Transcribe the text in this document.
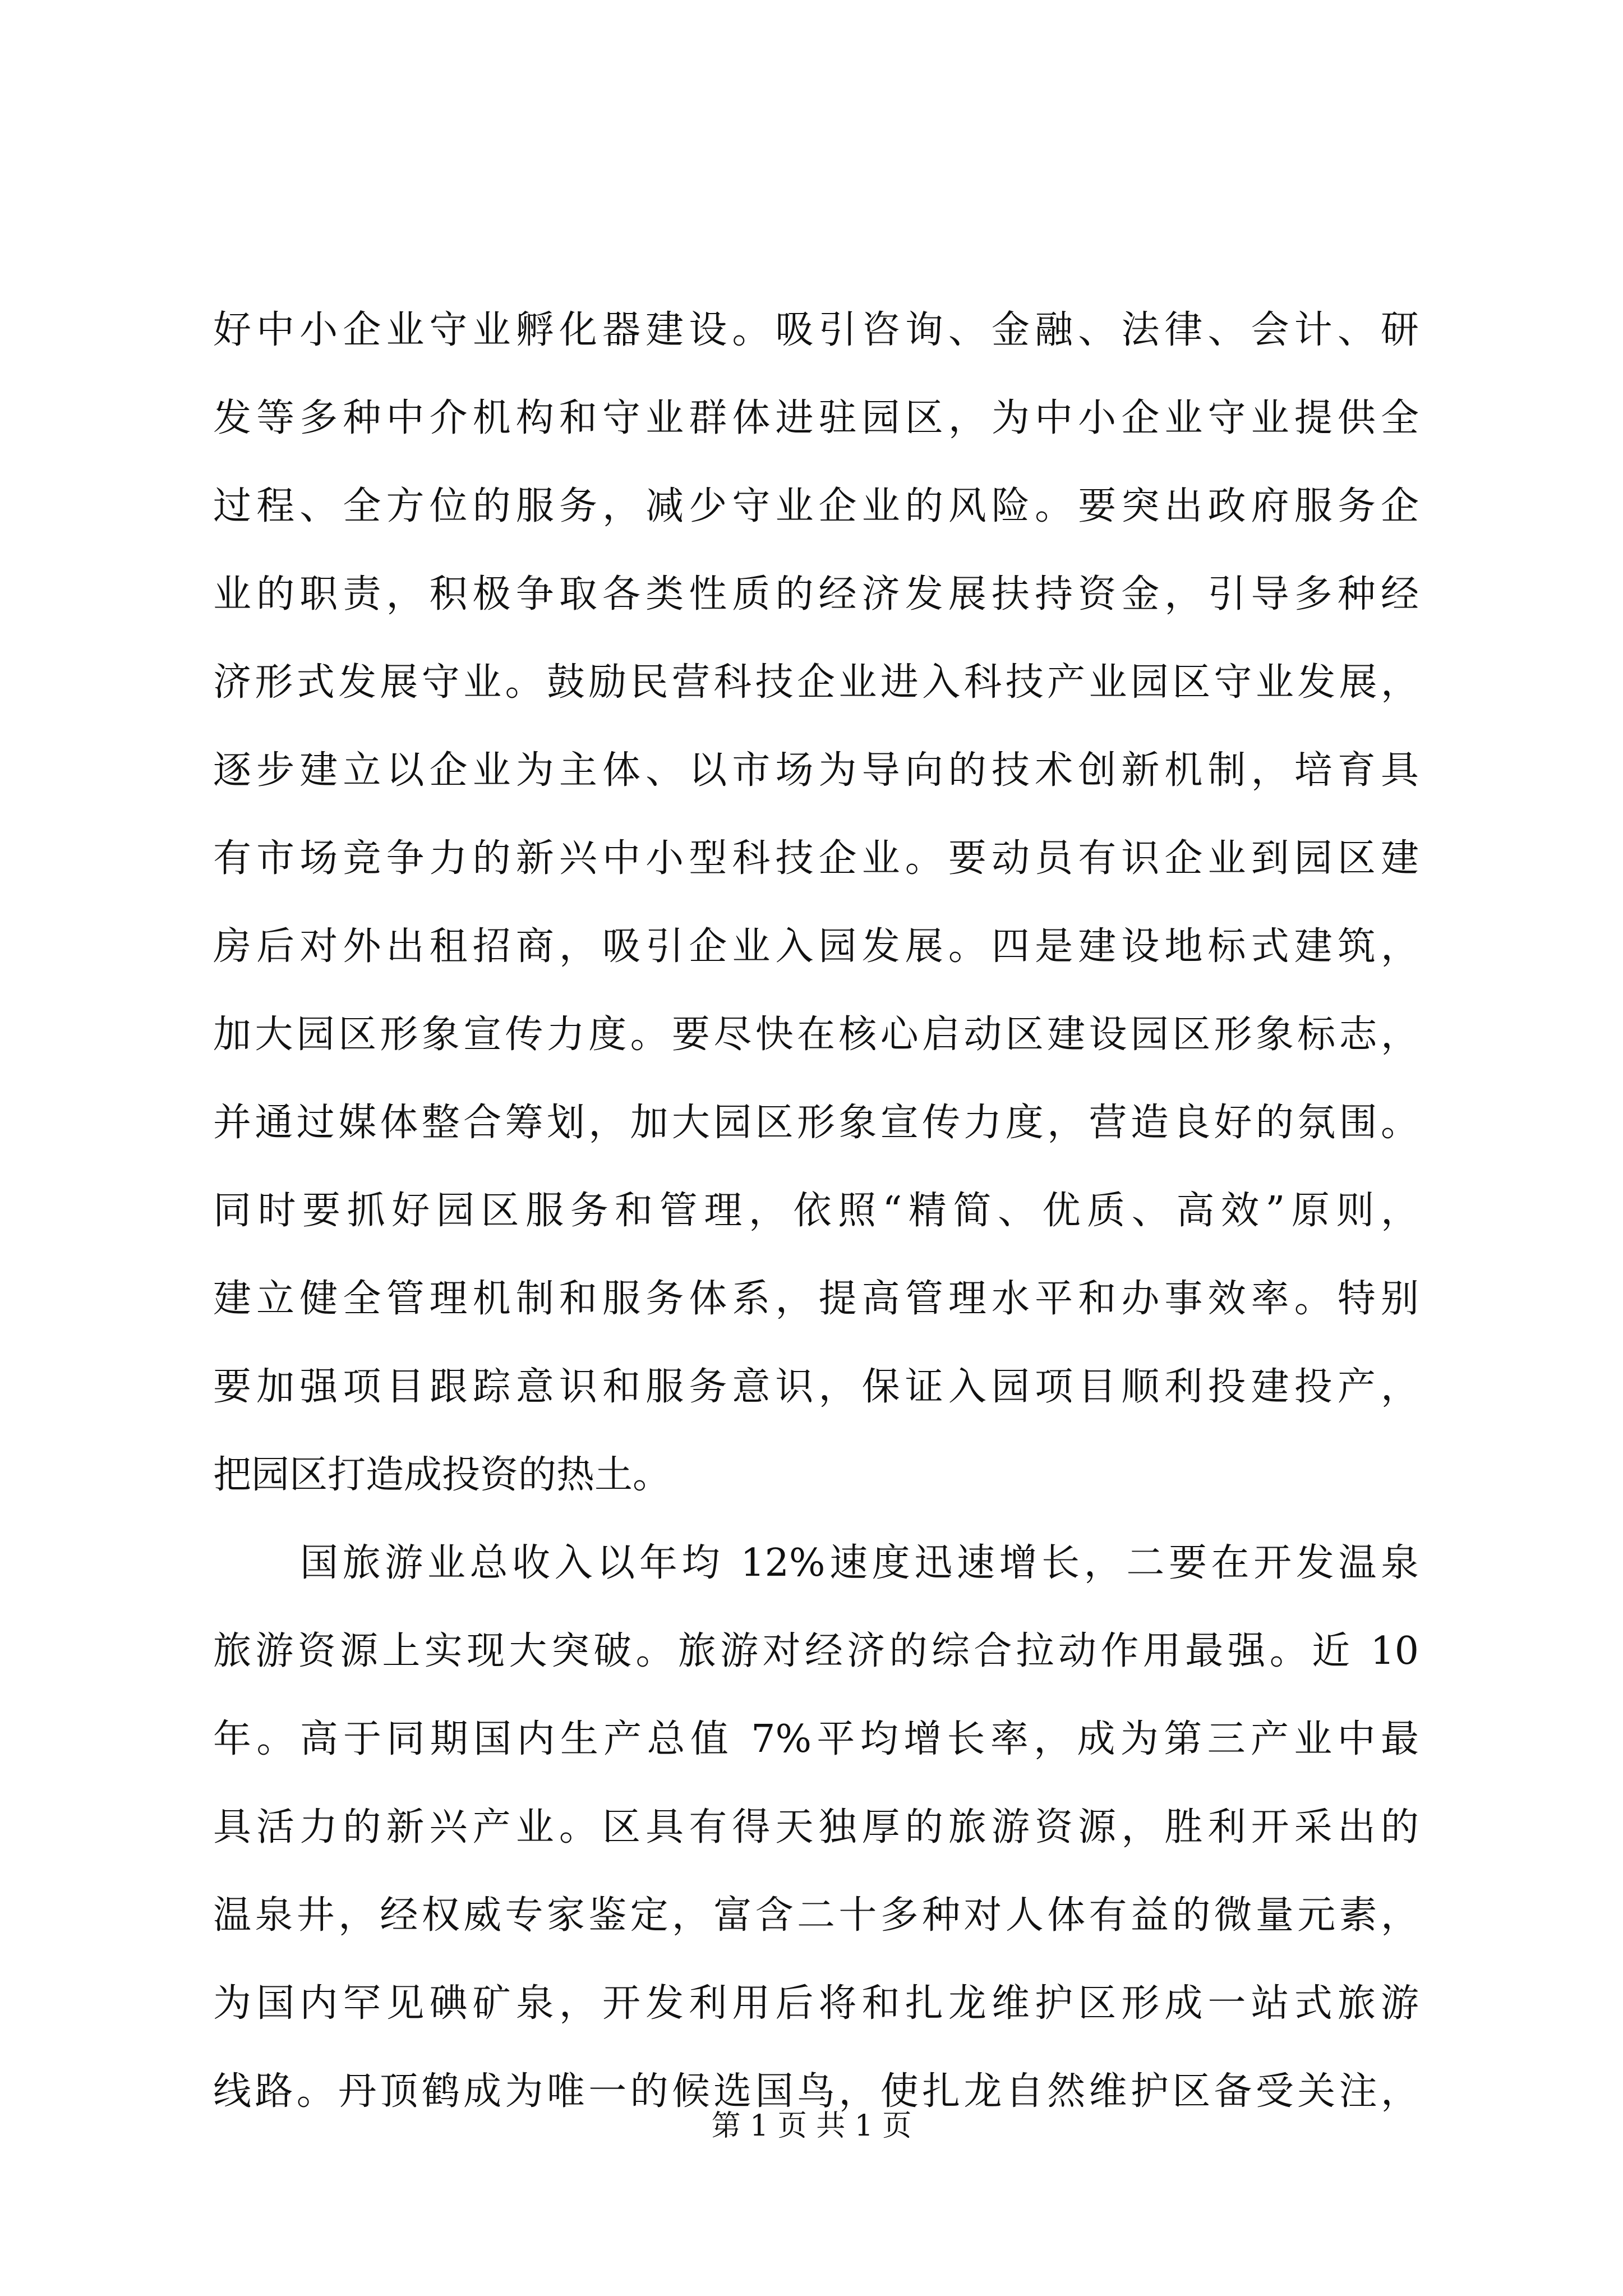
好中小企业守业孵化器建设。吸引咨询、金融、法律、会计、研
发等多种中介机构和守业群体进驻园区，为中小企业守业提供全
过程、全方位的服务，减少守业企业的风险。要突出政府服务企
业的职责，积极争取各类性质的经济发展扶持资金，引导多种经
济形式发展守业。鼓励民营科技企业进入科技产业园区守业发展，
逐步建立以企业为主体、以市场为导向的技术创新机制，培育具
有市场竞争力的新兴中小型科技企业。要动员有识企业到园区建
房后对外出租招商，吸引企业入园发展。四是建设地标式建筑，
加大园区形象宣传力度。要尽快在核心启动区建设园区形象标志，
并通过媒体整合筹划，加大园区形象宣传力度，营造良好的氛围。
同时要抓好园区服务和管理，依照“精简、优质、高效”原则，
建立健全管理机制和服务体系，提高管理水平和办事效率。特别
要加强项目跟踪意识和服务意识，保证入园项目顺利投建投产，
把园区打造成投资的热土。
国旅游业总收入以年均 12%速度迅速增长，二要在开发温泉
旅游资源上实现大突破。旅游对经济的综合拉动作用最强。近 10
年。高于同期国内生产总值 7%平均增长率，成为第三产业中最
具活力的新兴产业。区具有得天独厚的旅游资源，胜利开采出的
温泉井，经权威专家鉴定，富含二十多种对人体有益的微量元素，
为国内罕见碘矿泉，开发利用后将和扎龙维护区形成一站式旅游
线路。丹顶鹤成为唯一的候选国鸟，使扎龙自然维护区备受关注，
第 1 页 共 1 页
